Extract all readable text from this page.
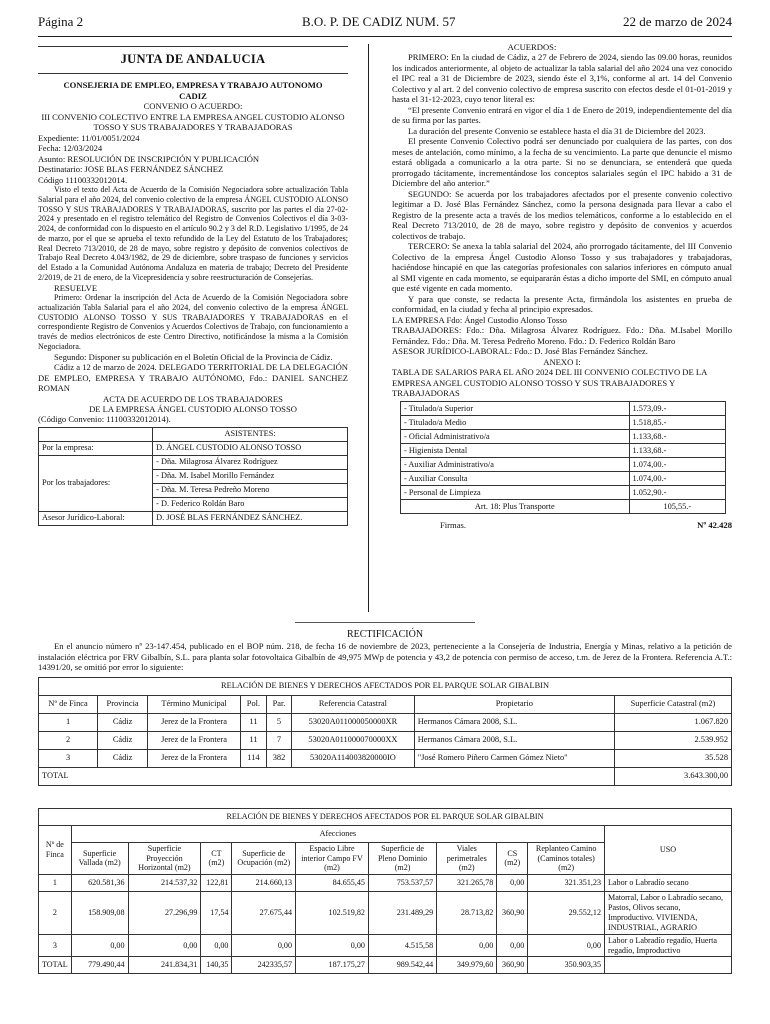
Página 2	B.O. P. DE CADIZ NUM. 57	22 de marzo de 2024
JUNTA DE ANDALUCIA

CONSEJERIA DE EMPLEO, EMPRESA Y TRABAJO AUTONOMO

CADIZ

CONVENIO O ACUERDO:

III CONVENIO COLECTIVO ENTRE LA EMPRESA ANGEL CUSTODIO ALONSO TOSSO Y SUS TRABAJADORES Y TRABAJADORAS

Expediente: 11/01/0051/2024

Fecha: 12/03/2024

Asunto: RESOLUCIÓN DE INSCRIPCIÓN Y PUBLICACIÓN

Destinatario: JOSE BLAS FERNÁNDEZ SÁNCHEZ

Código 11100332012014.

Visto el texto del Acta de Acuerdo de la Comisión Negociadora sobre actualización Tabla Salarial para el año 2024, del convenio colectivo de la empresa ÁNGEL CUSTODIO ALONSO TOSSO Y SUS TRABAJADORES Y TRABAJADORAS, suscrito por las partes el día 27-02-2024 y presentado en el registro telemático del Registro de Convenios Colectivos el día 3-03-2024, de conformidad con lo dispuesto en el artículo 90.2 y 3 del R.D. Legislativo 1/1995, de 24 de marzo, por el que se aprueba el texto refundido de la Ley del Estatuto de los Trabajadores; Real Decreto 713/2010, de 28 de mayo, sobre registro y depósito de convenios colectivos de Trabajo Real Decreto 4.043/1982, de 29 de diciembre, sobre traspaso de funciones y servicios del Estado a la Comunidad Autónoma Andaluza en materia de trabajo; Decreto del Presidente 2/2019, de 21 de enero, de la Vicepresidencia y sobre reestructuración de Consejerías.

RESUELVE

Primero: Ordenar la inscripción del Acta de Acuerdo de la Comisión Negociadora sobre actualización Tabla Salarial para el año 2024, del convenio colectivo de la empresa ÁNGEL CUSTODIO ALONSO TOSSO Y SUS TRABAJADORES Y TRABAJADORAS en el correspondiente Registro de Convenios y Acuerdos Colectivos de Trabajo, con funcionamiento a través de medios electrónicos de este Centro Directivo, notificándose la misma a la Comisión Negociadora.

Segundo: Disponer su publicación en el Boletín Oficial de la Provincia de Cádiz.

Cádiz a 12 de marzo de 2024. DELEGADO TERRITORIAL DE LA DELEGACIÓN DE EMPLEO, EMPRESA Y TRABAJO AUTÓNOMO, Fdo.: DANIEL SANCHEZ ROMAN

ACTA DE ACUERDO DE LOS TRABAJADORES

DE LA EMPRESA ÁNGEL CUSTODIO ALONSO TOSSO

(Código Convenio: 11100332012014).

	ASISTENTES:
Por la empresa:	D. ÁNGEL CUSTODIO ALONSO TOSSO
Por los trabajadores:	- Dña. Milagrosa Álvarez Rodríguez
	- Dña. M. Isabel Morillo Fernández
	- Dña. M. Teresa Pedreño Moreno
	- D. Federico Roldán Baro
Asesor Jurídico-Laboral:	D. JOSÉ BLAS FERNÁNDEZ SÁNCHEZ.

ACUERDOS:

PRIMERO: En la ciudad de Cádiz, a 27 de Febrero de 2024, siendo las 09.00 horas, reunidos los indicados anteriormente, al objeto de actualizar la tabla salarial del año 2024 una vez conocido el IPC real a 31 de Diciembre de 2023, siendo éste el 3,1%, conforme al art. 14 del Convenio Colectivo y al art. 2 del convenio colectivo de empresa suscrito con efectos desde el 01-01-2019 y hasta el 31-12-2023, cuyo tenor literal es:

“El presente Convenio entrará en vigor el día 1 de Enero de 2019, independientemente del día de su firma por las partes.

La duración del presente Convenio se establece hasta el día 31 de Diciembre del 2023.

El presente Convenio Colectivo podrá ser denunciado por cualquiera de las partes, con dos meses de antelación, como mínimo, a la fecha de su vencimiento. La parte que denuncie el mismo estará obligada a comunicarlo a la otra parte. Si no se denunciara, se entenderá que queda prorrogado tácitamente, incrementándose los conceptos salariales según el IPC habido a 31 de Diciembre del año anterior.”

SEGUNDO: Se acuerda por los trabajadores afectados por el presente convenio colectivo legitimar a D. José Blas Fernández Sánchez, como la persona designada para llevar a cabo el Registro de la presente acta a través de los medios telemáticos, conforme a lo establecido en el Real Decreto 713/2010, de 28 de mayo, sobre registro y depósito de convenios y acuerdos colectivos de trabajo.

TERCERO: Se anexa la tabla salarial del 2024, año prorrogado tácitamente, del III Convenio Colectivo de la empresa Ángel Custodio Alonso Tosso y sus trabajadores y trabajadoras, haciéndose hincapié en que las categorías profesionales con salarios inferiores en cómputo anual al SMI vigente en cada momento, se equipararán éstas a dicho importe del SMI, en cómputo anual que esté vigente en cada momento.

Y para que conste, se redacta la presente Acta, firmándola los asistentes en prueba de conformidad, en la ciudad y fecha al principio expresados.

LA EMPRESA Fdo: Ángel Custodio Alonso Tosso

TRABAJADORES: Fdo.: Dña. Milagrosa Álvarez Rodríguez. Fdo.: Dña. M.Isabel Morillo Fernández. Fdo.: Dña. M. Teresa Pedreño Moreno. Fdo.: D. Federico Roldán Baro

ASESOR JURÍDICO-LABORAL: Fdo.: D. José Blas Fernández Sánchez.

ANEXO I:

TABLA DE SALARIOS PARA EL AÑO 2024 DEL III CONVENIO COLECTIVO DE LA EMPRESA ANGEL CUSTODIO ALONSO TOSSO Y SUS TRABAJADORES Y TRABAJADORAS

- Titulado/a Superior	1.573,09.-
- Titulado/a Medio	1.518,85.-
- Oficial Administrativo/a	1.133,68.-
- Higienista Dental	1.133,68.-
- Auxiliar Administrativo/a	1.074,00.-
- Auxiliar Consulta	1.074,00.-
- Personal de Limpieza	1.052,90.-
Art. 18: Plus Transporte	105,55.-
Firmas.	Nº 42.428

RECTIFICACIÓN

En el anuncio número nº 23-147.454, publicado en el BOP núm. 218, de fecha 16 de noviembre de 2023, perteneciente a la Consejería de Industria, Energía y Minas, relativo a la petición de instalación eléctrica por FRV Gibalbín, S.L. para planta solar fotovoltaica Gibalbín de 49,975 MWp de potencia y 43,2 de potencia con permiso de acceso, t.m. de Jerez de la Frontera. Referencia A.T.: 14391/20, se omitió por error lo siguiente:

RELACIÓN DE BIENES Y DERECHOS AFECTADOS POR EL PARQUE SOLAR GIBALBIN							
Nº de Finca	Provincia	Término Municipal	Pol.	Par.	Referencia Catastral	Propietario	Superficie Catastral (m2)
1	Cádiz	Jerez de la Frontera	11	5	53020A011000050000XR	Hermanos Cámara 2008, S.L.	1.067.820
2	Cádiz	Jerez de la Frontera	11	7	53020A011000070000XX	Hermanos Cámara 2008, S.L.	2.539.952
3	Cádiz	Jerez de la Frontera	114	382	53020A114003820000IO	"José Romero Piñero Carmen Gómez Nieto"	35.528
TOTAL							3.643.300,00
RELACIÓN DE BIENES Y DERECHOS AFECTADOS POR EL PARQUE SOLAR GIBALBIN										
Nº de Finca	Afecciones									USO
	Superficie Vallada (m2)	Superficie Proyección Horizontal (m2)	CT (m2)	Superficie de Ocupación (m2)	Espacio Libre interior Campo FV (m2)	Superficie de Pleno Dominio (m2)	Viales perimetrales (m2)	CS (m2)	Replanteo Camino (Caminos totales) (m2)	
1	620.581,36	214.537,32	122,81	214.660,13	84.655,45	753.537,57	321.265,78	0,00	321.351,23	Labor o Labradío secano
2	158.909,08	27.296,99	17,54	27.675,44	102.519,82	231.489,29	28.713,82	360,90	29.552,12	Matorral, Labor o Labradío secano, Pastos, Olivos secano, Improductivo. VIVIENDA, INDUSTRIAL, AGRARIO
3	0,00	0,00	0,00	0,00	0,00	4.515,58	0,00	0,00	0,00	Labor o Labradío regadío, Huerta regadío, Improductivo
TOTAL	779.490,44	241.834,31	140,35	242335,57	187.175,27	989.542,44	349.979,60	360,90	350.903,35	
